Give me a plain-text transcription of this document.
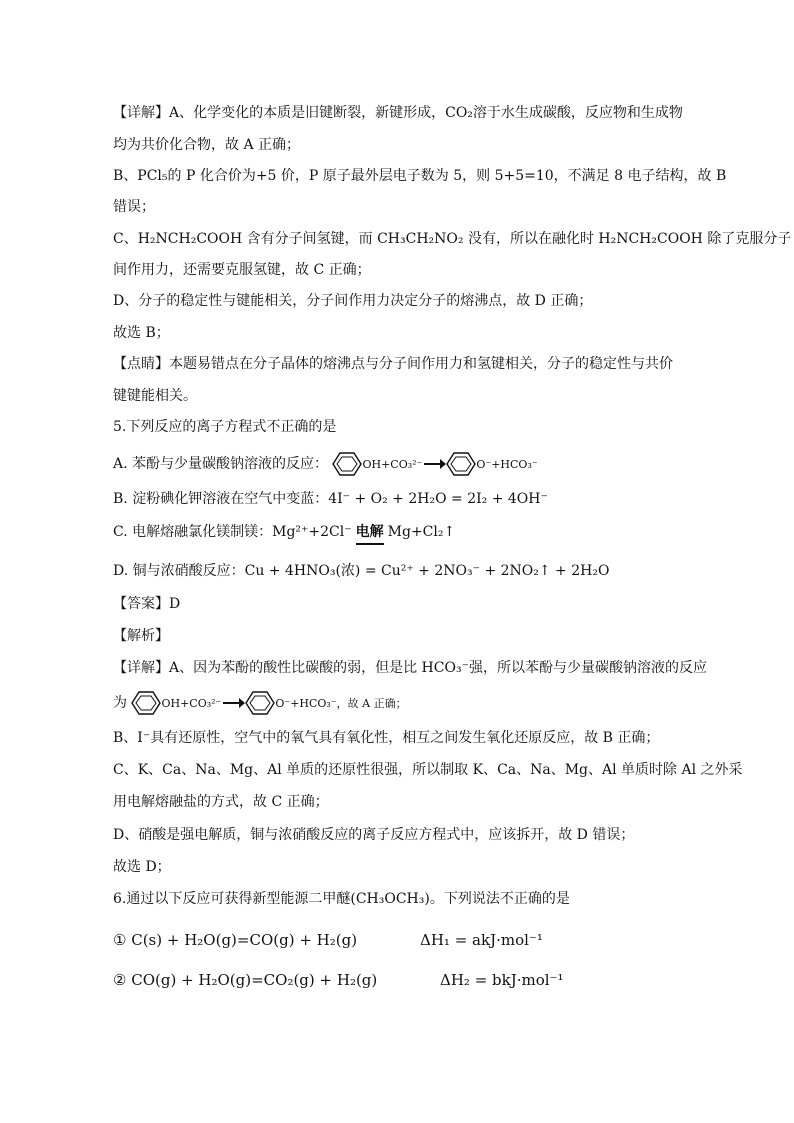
【详解】A、化学变化的本质是旧键断裂，新键形成，CO₂溶于水生成碳酸，反应物和生成物
均为共价化合物，故 A 正确；
B、PCl₅的 P 化合价为+5 价，P 原子最外层电子数为 5，则 5+5=10，不满足 8 电子结构，故 B
错误；
C、H₂NCH₂COOH 含有分子间氢键，而 CH₃CH₂NO₂ 没有，所以在融化时 H₂NCH₂COOH 除了克服分子
间作用力，还需要克服氢键，故 C 正确；
D、分子的稳定性与键能相关，分子间作用力决定分子的熔沸点，故 D 正确；
故选 B；
【点睛】本题易错点在分子晶体的熔沸点与分子间作用力和氢键相关，分子的稳定性与共价
键键能相关。
5.下列反应的离子方程式不正确的是
A. 苯酚与少量碳酸钠溶液的反应：	OH+CO₃²⁻ →	O⁻+HCO₃⁻
B. 淀粉碘化钾溶液在空气中变蓝：4I⁻ + O₂ + 2H₂O = 2I₂ + 4OH⁻
C. 电解熔融氯化镁制镁：Mg²⁺+2Cl⁻ 电解 Mg+Cl₂↑
D. 铜与浓硝酸反应：Cu + 4HNO₃(浓) = Cu²⁺ + 2NO₃⁻ + 2NO₂↑ + 2H₂O
【答案】D
【解析】
【详解】A、因为苯酚的酸性比碳酸的弱，但是比 HCO₃⁻强，所以苯酚与少量碳酸钠溶液的反应
为	OH+CO₃²⁻ →	O⁻+HCO₃⁻，故 A 正确；
B、I⁻具有还原性，空气中的氧气具有氧化性，相互之间发生氧化还原反应，故 B 正确；
C、K、Ca、Na、Mg、Al 单质的还原性很强，所以制取 K、Ca、Na、Mg、Al 单质时除 Al 之外采
用电解熔融盐的方式，故 C 正确；
D、硝酸是强电解质，铜与浓硝酸反应的离子反应方程式中，应该拆开，故 D 错误；
故选 D；
6.通过以下反应可获得新型能源二甲醚(CH₃OCH₃)。下列说法不正确的是
① C(s) + H₂O(g)=CO(g) + H₂(g)	ΔH₁ = akJ·mol⁻¹
② CO(g) + H₂O(g)=CO₂(g) + H₂(g)	ΔH₂ = bkJ·mol⁻¹
